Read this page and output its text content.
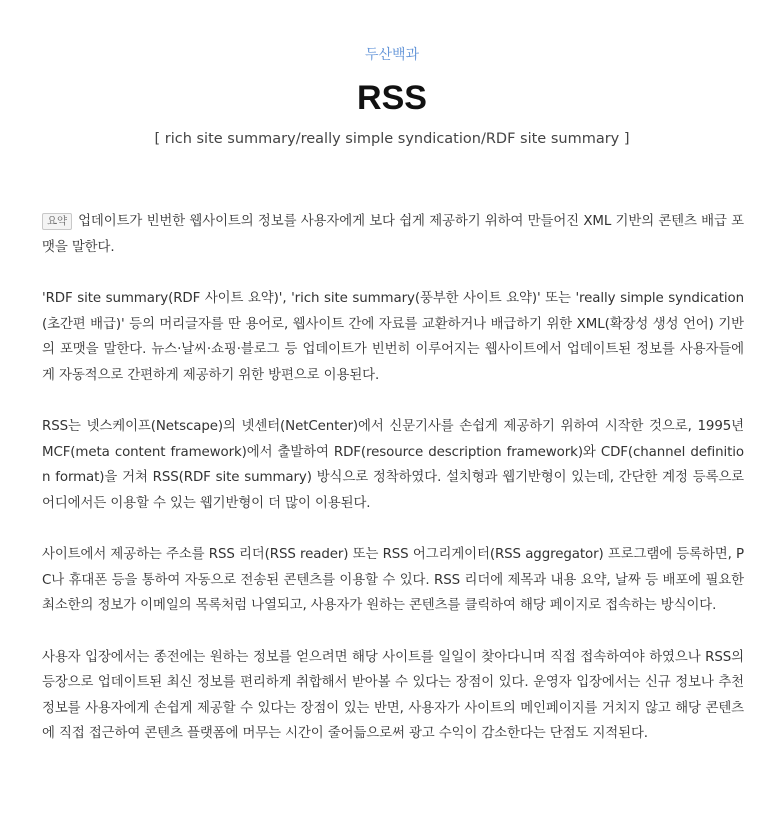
두산백과
RSS
[ rich site summary/really simple syndication/RDF site summary ]

요약 업데이트가 빈번한 웹사이트의 정보를 사용자에게 보다 쉽게 제공하기 위하여 만들어진 XML 기반의 콘텐츠 배급 포맷을 말한다.

'RDF site summary(RDF 사이트 요약)', 'rich site summary(풍부한 사이트 요약)' 또는 'really simple syndication(초간편 배급)' 등의 머리글자를 딴 용어로, 웹사이트 간에 자료를 교환하거나 배급하기 위한 XML(확장성 생성 언어) 기반의 포맷을 말한다. 뉴스·날씨·쇼핑·블로그 등 업데이트가 빈번히 이루어지는 웹사이트에서 업데이트된 정보를 사용자들에게 자동적으로 간편하게 제공하기 위한 방편으로 이용된다.

RSS는 넷스케이프(Netscape)의 넷센터(NetCenter)에서 신문기사를 손쉽게 제공하기 위하여 시작한 것으로, 1995년 MCF(meta content framework)에서 출발하여 RDF(resource description framework)와 CDF(channel definition format)을 거쳐 RSS(RDF site summary) 방식으로 정착하였다. 설치형과 웹기반형이 있는데, 간단한 계정 등록으로 어디에서든 이용할 수 있는 웹기반형이 더 많이 이용된다.

사이트에서 제공하는 주소를 RSS 리더(RSS reader) 또는 RSS 어그리게이터(RSS aggregator) 프로그램에 등록하면, PC나 휴대폰 등을 통하여 자동으로 전송된 콘텐츠를 이용할 수 있다. RSS 리더에 제목과 내용 요약, 날짜 등 배포에 필요한 최소한의 정보가 이메일의 목록처럼 나열되고, 사용자가 원하는 콘텐츠를 클릭하여 해당 페이지로 접속하는 방식이다.

사용자 입장에서는 종전에는 원하는 정보를 얻으려면 해당 사이트를 일일이 찾아다니며 직접 접속하여야 하였으나 RSS의 등장으로 업데이트된 최신 정보를 편리하게 취합해서 받아볼 수 있다는 장점이 있다. 운영자 입장에서는 신규 정보나 추천 정보를 사용자에게 손쉽게 제공할 수 있다는 장점이 있는 반면, 사용자가 사이트의 메인페이지를 거치지 않고 해당 콘텐츠에 직접 접근하여 콘텐츠 플랫폼에 머무는 시간이 줄어듦으로써 광고 수익이 감소한다는 단점도 지적된다.
